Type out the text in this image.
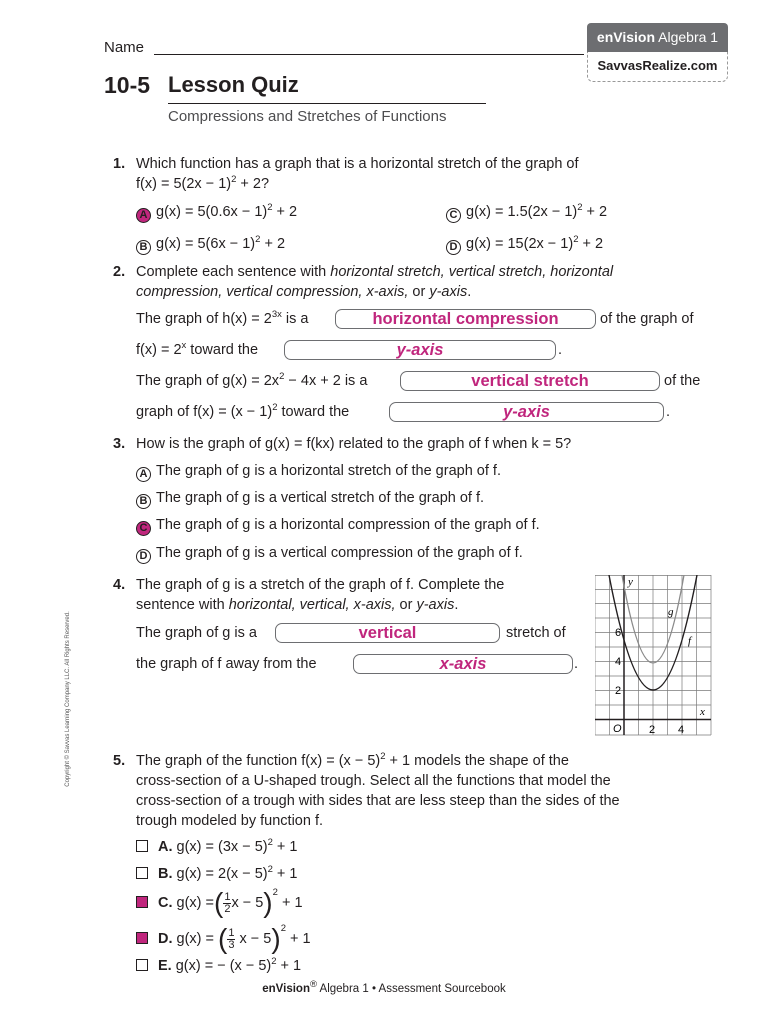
Name
enVision Algebra 1
SavvasRealize.com
10-5 Lesson Quiz
Compressions and Stretches of Functions
1. Which function has a graph that is a horizontal stretch of the graph of
$f(x) = 5(2x - 1)^2 + 2$?
A $g(x) = 5(0.6x - 1)^2 + 2$	C $g(x) = 1.5(2x - 1)^2 + 2$
B $g(x) = 5(6x - 1)^2 + 2$	D $g(x) = 15(2x - 1)^2 + 2$
2. Complete each sentence with horizontal stretch, vertical stretch, horizontal
compression, vertical compression, x-axis, or y-axis.
The graph of $h(x) = 2^{3x}$ is a	horizontal compression	of the graph of
$f(x) = 2^x$ toward the	y-axis	.
The graph of $g(x) = 2x^2 - 4x + 2$ is a	vertical stretch	of the
graph of $f(x) = (x - 1)^2$ toward the	y-axis	.
3. How is the graph of g(x) = f(kx) related to the graph of f when k = 5?
A The graph of g is a horizontal stretch of the graph of f.
B The graph of g is a vertical stretch of the graph of f.
C The graph of g is a horizontal compression of the graph of f.
D The graph of g is a vertical compression of the graph of f.
4. The graph of g is a stretch of the graph of f. Complete the
sentence with horizontal, vertical, x-axis, or y-axis.
The graph of g is a	vertical	stretch of
the graph of f away from the	x-axis	.
y
x
O
2
4
6
2 4
g
f
5. The graph of the function $f(x) = (x - 5)^2 + 1$ models the shape of the
cross-section of a U-shaped trough. Select all the functions that model the
cross-section of a trough with sides that are less steep than the sides of the
trough modeled by function f.
A. $g(x) = (3x - 5)^2 + 1$
B. $g(x) = 2(x - 5)^2 + 1$
C. g(x) =( $\frac{1}{2}$ x − 5)$^2$ + 1
D. g(x) = ( $\frac{1}{3}$ x − 5)$^2$ + 1
E. g(x) = − $(x - 5)^2 + 1$
enVision® Algebra 1 • Assessment Sourcebook
Copyright © Savvas Learning Company LLC. All Rights Reserved.
